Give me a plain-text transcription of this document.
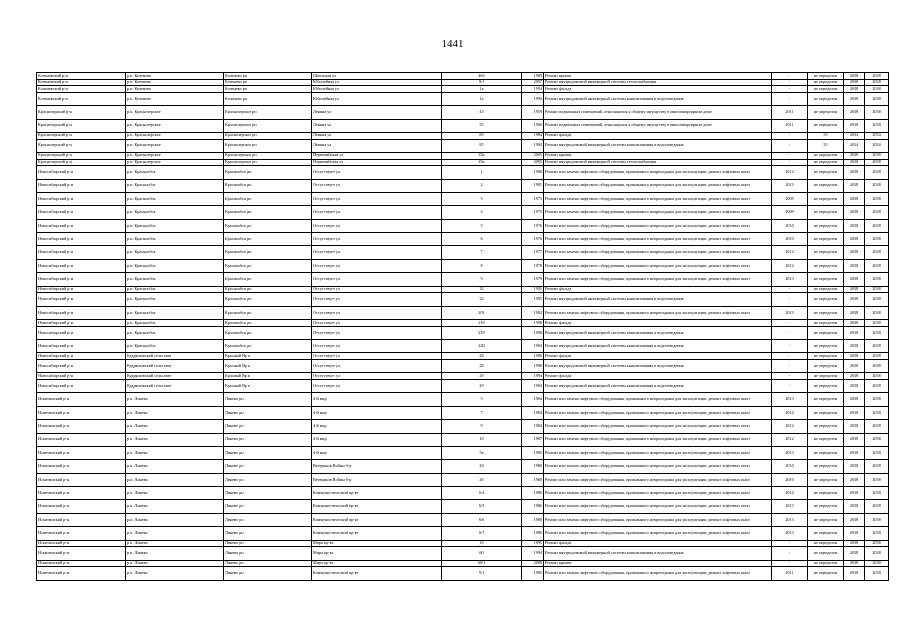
1441
Коченевский р-н	р.п. Коченево	Коченево рп	Школьная ул	46б	1989	Ремонт крыши	-	не определен	2038	2038
Коченевский р-н	р.п. Коченево	Коченево рп	Юбилейная ул	9/1	2007	Ремонт внутридомовой инженерной системы теплоснабжения	-	не определен	2038	2038
Коченевский р-н	р.п. Коченево	Коченево рп	Юбилейная ул	1а	1994	Ремонт фасада	-	не определен	2038	2038
Коченевский р-н	р.п. Коченево	Коченево рп	Юбилейная ул	1а	1994	Ремонт внутридомовой инженерной системы канализования и водоотведения	-	не определен	2038	2038
Краснозерский р-н	р.п. Краснозерское	Краснозерское рп	Ленина ул	43	1959	Ремонт подвальных помещений, относящихся к общему имуществу в многоквартирном доме	2011	не определен	2038	2038
Краснозерский р-н	р.п. Краснозерское	Краснозерское рп	Ленина ул	55	1966	Ремонт подвальных помещений, относящихся к общему имуществу в многоквартирном доме	2011	не определен	2038	2038
Краснозерский р-н	р.п. Краснозерское	Краснозерское рп	Ленина ул	85	1984	Ремонт фасада	-	35	2034	2034
Краснозерский р-н	р.п. Краснозерское	Краснозерское рп	Ленина ул	85	1984	Ремонт внутридомовой инженерной системы канализования и водоотведения	-	35	2034	2034
Краснозерский р-н	р.п. Краснозерское	Краснозерское рп	Первомайская ул	45а	2005	Ремонт крыши	-	не определен	2038	2038
Краснозерский р-н	р.п. Краснозерское	Краснозерское рп	Первомайская ул	45а	2005	Ремонт внутридомовой инженерной системы теплоснабжения	-	не определен	2038	2038
Новосибирский р-н	р.п. Краснообск	Краснообск рп	Отсутствует ул	1	1980	Ремонт или замена лифтового оборудования, признанного непригодным для эксплуатации, ремонт лифтовых шахт	2012	не определен	2038	2038
Новосибирский р-н	р.п. Краснообск	Краснообск рп	Отсутствует ул	2	1981	Ремонт или замена лифтового оборудования, признанного непригодным для эксплуатации, ремонт лифтовых шахт	2013	не определен	2038	2038
Новосибирский р-н	р.п. Краснообск	Краснообск рп	Отсутствует ул	3	1975	Ремонт или замена лифтового оборудования, признанного непригодным для эксплуатации, ремонт лифтовых шахт	2009	не определен	2038	2038
Новосибирский р-н	р.п. Краснообск	Краснообск рп	Отсутствует ул	4	1975	Ремонт или замена лифтового оборудования, признанного непригодным для эксплуатации, ремонт лифтовых шахт	2009	не определен	2038	2038
Новосибирский р-н	р.п. Краснообск	Краснообск рп	Отсутствует ул	5	1976	Ремонт или замена лифтового оборудования, признанного непригодным для эксплуатации, ремонт лифтовых шахт	2010	не определен	2038	2038
Новосибирский р-н	р.п. Краснообск	Краснообск рп	Отсутствует ул	6	1976	Ремонт или замена лифтового оборудования, признанного непригодным для эксплуатации, ремонт лифтовых шахт	2010	не определен	2038	2038
Новосибирский р-н	р.п. Краснообск	Краснообск рп	Отсутствует ул	7	1977	Ремонт или замена лифтового оборудования, признанного непригодным для эксплуатации, ремонт лифтовых шахт	2012	не определен	2038	2038
Новосибирский р-н	р.п. Краснообск	Краснообск рп	Отсутствует ул	8	1978	Ремонт или замена лифтового оборудования, признанного непригодным для эксплуатации, ремонт лифтовых шахт	2012	не определен	2038	2038
Новосибирский р-н	р.п. Краснообск	Краснообск рп	Отсутствует ул	9	1979	Ремонт или замена лифтового оборудования, признанного непригодным для эксплуатации, ремонт лифтовых шахт	2013	не определен	2038	2038
Новосибирский р-н	р.п. Краснообск	Краснообск рп	Отсутствует ул	32	1995	Ремонт фасада	-	не определен	2038	2038
Новосибирский р-н	р.п. Краснообск	Краснообск рп	Отсутствует ул	32	1995	Ремонт внутридомовой инженерной системы канализования и водоотведения	-	не определен	2038	2038
Новосибирский р-н	р.п. Краснообск	Краснообск рп	Отсутствует ул	201	1982	Ремонт или замена лифтового оборудования, признанного непригодным для эксплуатации, ремонт лифтовых шахт	2013	не определен	2038	2038
Новосибирский р-н	р.п. Краснообск	Краснообск рп	Отсутствует ул	218	1996	Ремонт фасада	-	не определен	2038	2038
Новосибирский р-н	р.п. Краснообск	Краснообск рп	Отсутствует ул	218	1996	Ремонт внутридомовой инженерной системы канализования и водоотведения	-	не определен	2038	2038
Новосибирский р-н	р.п. Краснообск	Краснообск рп	Отсутствует ул	220	1994	Ремонт внутридомовой инженерной системы канализования и водоотведения	-	не определен	2038	2038
Новосибирский р-н	Кудряшовский сельсовет	Красный Яр п	Отсутствует ул	28	1996	Ремонт фасада	-	не определен	2038	2038
Новосибирский р-н	Кудряшовский сельсовет	Красный Яр п	Отсутствует ул	28	1996	Ремонт внутридомовой инженерной системы канализования и водоотведения	-	не определен	2038	2038
Новосибирский р-н	Кудряшовский сельсовет	Красный Яр п	Отсутствует ул	29	1994	Ремонт фасада	-	не определен	2038	2038
Новосибирский р-н	Кудряшовский сельсовет	Красный Яр п	Отсутствует ул	29	1994	Ремонт внутридомовой инженерной системы канализования и водоотведения	-	не определен	2038	2038
Искитимский р-н	р.п. Линево	Линево рп	4-й мкр	5	1984	Ремонт или замена лифтового оборудования, признанного непригодным для эксплуатации, ремонт лифтовых шахт	2013	не определен	2038	2038
Искитимский р-н	р.п. Линево	Линево рп	4-й мкр	7	1984	Ремонт или замена лифтового оборудования, признанного непригодным для эксплуатации, ремонт лифтовых шахт	2012	не определен	2038	2038
Искитимский р-н	р.п. Линево	Линево рп	4-й мкр	9	1984	Ремонт или замена лифтового оборудования, признанного непригодным для эксплуатации, ремонт лифтовых шахт	2012	не определен	2038	2038
Искитимский р-н	р.п. Линево	Линево рп	4-й мкр	10	1987	Ремонт или замена лифтового оборудования, признанного непригодным для эксплуатации, ремонт лифтовых шахт	2012	не определен	2038	2038
Искитимский р-н	р.п. Линево	Линево рп	4-й мкр	5а	1985	Ремонт или замена лифтового оборудования, признанного непригодным для эксплуатации, ремонт лифтовых шахт	2013	не определен	2038	2038
Искитимский р-н	р.п. Линево	Линево рп	Ветеранов Войны б-р	20	1980	Ремонт или замена лифтового оборудования, признанного непригодным для эксплуатации, ремонт лифтовых шахт	2010	не определен	2038	2038
Искитимский р-н	р.п. Линево	Линево рп	Ветеранов Войны б-р	26	1980	Ремонт или замена лифтового оборудования, признанного непригодным для эксплуатации, ремонт лифтовых шахт	2010	не определен	2038	2038
Искитимский р-н	р.п. Линево	Линево рп	Коммунистический пр-кт	6/4	1986	Ремонт или замена лифтового оборудования, признанного непригодным для эксплуатации, ремонт лифтовых шахт	2012	не определен	2038	2038
Искитимский р-н	р.п. Линево	Линево рп	Коммунистический пр-кт	6/5	1986	Ремонт или замена лифтового оборудования, признанного непригодным для эксплуатации, ремонт лифтовых шахт	2013	не определен	2038	2038
Искитимский р-н	р.п. Линево	Линево рп	Коммунистический пр-кт	6/6	1986	Ремонт или замена лифтового оборудования, признанного непригодным для эксплуатации, ремонт лифтовых шахт	2013	не определен	2038	2038
Искитимский р-н	р.п. Линево	Линево рп	Коммунистический пр-кт	6/7	1986	Ремонт или замена лифтового оборудования, признанного непригодным для эксплуатации, ремонт лифтовых шахт	2013	не определен	2038	2038
Искитимский р-н	р.п. Линево	Линево рп	Мира пр-кт	10	1995	Ремонт фасада	-	не определен	2038	2038
Искитимский р-н	р.п. Линево	Линево рп	Мира пр-кт	60	1994	Ремонт внутридомовой инженерной системы канализования и водоотведения	-	не определен	2038	2038
Искитимский р-н	р.п. Линево	Линево рп	Мира пр-кт	60/1	2000	Ремонт крыши	-	не определен	2038	2038
Искитимский р-н	р.п. Линево	Линево рп	Коммунистический пр-кт	5/1	1985	Ремонт или замена лифтового оборудования, признанного непригодным для эксплуатации, ремонт лифтовых шахт	2011	не определен	2038	2038
